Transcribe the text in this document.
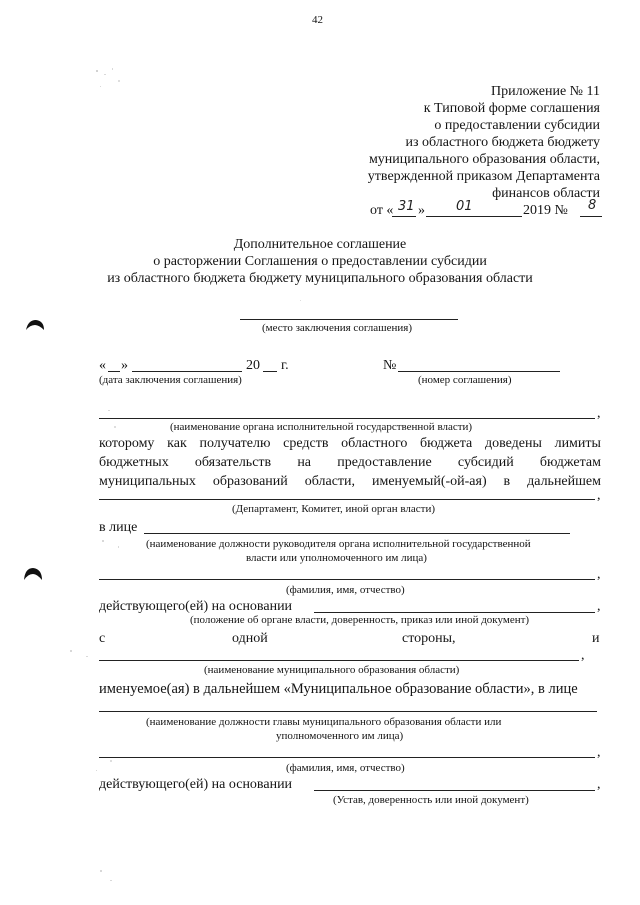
42
Приложение № 11
к Типовой форме соглашения
о предоставлении субсидии
из областного бюджета бюджету
муниципального образования области,
утвержденной приказом Департамента
финансов области
от « 31 » 01	2019 № 8
Дополнительное соглашение
о расторжении Соглашения о предоставлении субсидии
из областного бюджета бюджету муниципального образования области
(место заключения соглашения)
« »	20 г.	№
(дата заключения соглашения)	(номер соглашения)
,
(наименование органа исполнительной государственной власти)
которому как получателю средств областного бюджета доведены лимиты
бюджетных обязательств на предоставление субсидий бюджетам
муниципальных образований области, именуемый(-ой-ая) в дальнейшем
,
(Департамент, Комитет, иной орган власти)
в лице
(наименование должности руководителя органа исполнительной государственной
власти или уполномоченного им лица)
,
(фамилия, имя, отчество)
действующего(ей) на основании	,
(положение об органе власти, доверенность, приказ или иной документ)
с	одной	стороны,	и
,
(наименование муниципального образования области)
именуемое(ая) в дальнейшем «Муниципальное образование области», в лице
(наименование должности главы муниципального образования области или
уполномоченного им лица)
,
(фамилия, имя, отчество)
действующего(ей) на основании	,
(Устав, доверенность или иной документ)
